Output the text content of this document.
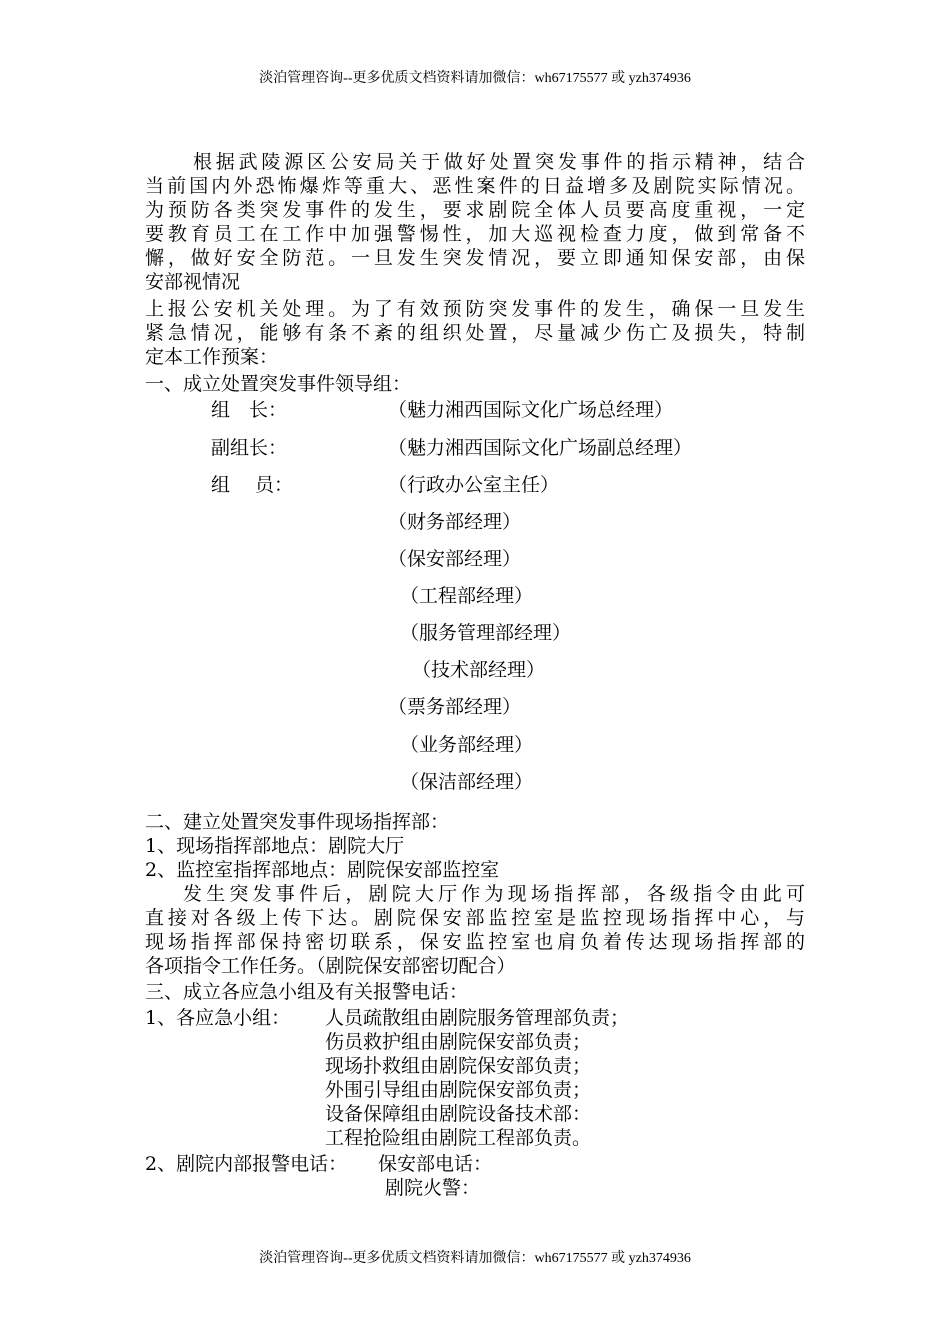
淡泊管理咨询--更多优质文档资料请加微信：wh67175577 或 yzh374936
根据武陵源区公安局关于做好处置突发事件的指示精神，结合
当前国内外恐怖爆炸等重大、恶性案件的日益增多及剧院实际情况。
为预防各类突发事件的发生，要求剧院全体人员要高度重视，一定
要教育员工在工作中加强警惕性，加大巡视检查力度，做到常备不
懈，做好安全防范。一旦发生突发情况，要立即通知保安部，由保
安部视情况
上报公安机关处理。为了有效预防突发事件的发生，确保一旦发生
紧急情况，能够有条不紊的组织处置，尽量减少伤亡及损失，特制
定本工作预案：
一、成立处置突发事件领导组：
组　长：	（魅力湘西国际文化广场总经理）
副组长：	（魅力湘西国际文化广场副总经理）
组　 员：	（行政办公室主任）
（财务部经理）
（保安部经理）
（工程部经理）
（服务管理部经理）
（技术部经理）
（票务部经理）
（业务部经理）
（保洁部经理）
二、建立处置突发事件现场指挥部：
1、现场指挥部地点：剧院大厅
2、监控室指挥部地点：剧院保安部监控室
发生突发事件后，剧院大厅作为现场指挥部，各级指令由此可
直接对各级上传下达。剧院保安部监控室是监控现场指挥中心，与
现场指挥部保持密切联系，保安监控室也肩负着传达现场指挥部的
各项指令工作任务。（剧院保安部密切配合）
三、成立各应急小组及有关报警电话：
1、各应急小组： 人员疏散组由剧院服务管理部负责；
伤员救护组由剧院保安部负责；
现场扑救组由剧院保安部负责；
外围引导组由剧院保安部负责；
设备保障组由剧院设备技术部：
工程抢险组由剧院工程部负责。
2、剧院内部报警电话： 保安部电话：
剧院火警：
淡泊管理咨询--更多优质文档资料请加微信：wh67175577 或 yzh374936
